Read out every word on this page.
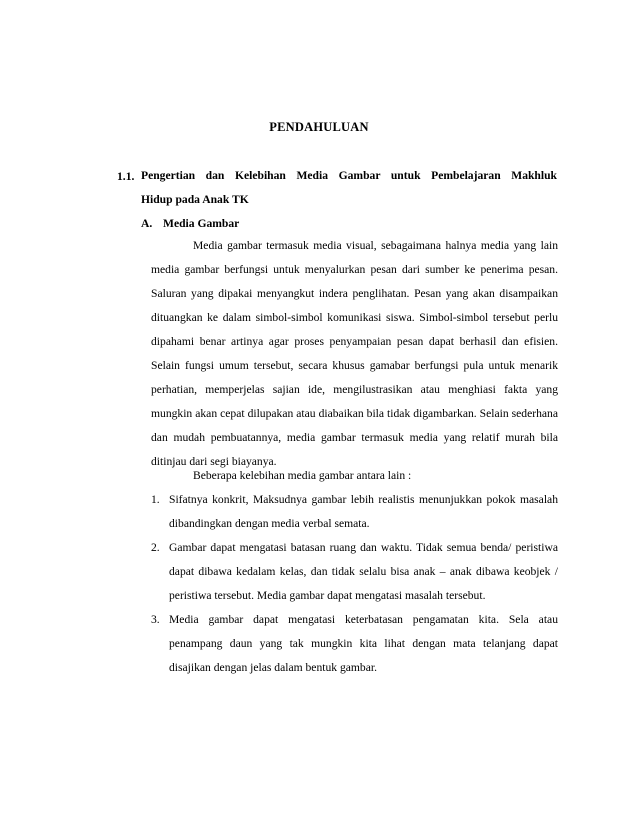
PENDAHULUAN
1.1. Pengertian dan Kelebihan Media Gambar untuk Pembelajaran Makhluk
Hidup pada Anak TK
A. Media Gambar

Media gambar termasuk media visual, sebagaimana halnya media yang lain media gambar berfungsi untuk menyalurkan pesan dari sumber ke penerima pesan. Saluran yang dipakai menyangkut indera penglihatan. Pesan yang akan disampaikan dituangkan ke dalam simbol-simbol komunikasi siswa. Simbol-simbol tersebut perlu dipahami benar artinya agar proses penyampaian pesan dapat berhasil dan efisien. Selain fungsi umum tersebut, secara khusus gamabar berfungsi pula untuk menarik perhatian, memperjelas sajian ide, mengilustrasikan atau menghiasi fakta yang mungkin akan cepat dilupakan atau diabaikan bila tidak digambarkan. Selain sederhana dan mudah pembuatannya, media gambar termasuk media yang relatif murah bila ditinjau dari segi biayanya.

Beberapa kelebihan media gambar antara lain :

1. Sifatnya konkrit, Maksudnya gambar lebih realistis menunjukkan pokok masalah dibandingkan dengan media verbal semata.
2. Gambar dapat mengatasi batasan ruang dan waktu. Tidak semua benda/ peristiwa dapat dibawa kedalam kelas, dan tidak selalu bisa anak – anak dibawa keobjek / peristiwa tersebut. Media gambar dapat mengatasi masalah tersebut.
3. Media gambar dapat mengatasi keterbatasan pengamatan kita. Sela atau penampang daun yang tak mungkin kita lihat dengan mata telanjang dapat disajikan dengan jelas dalam bentuk gambar.
